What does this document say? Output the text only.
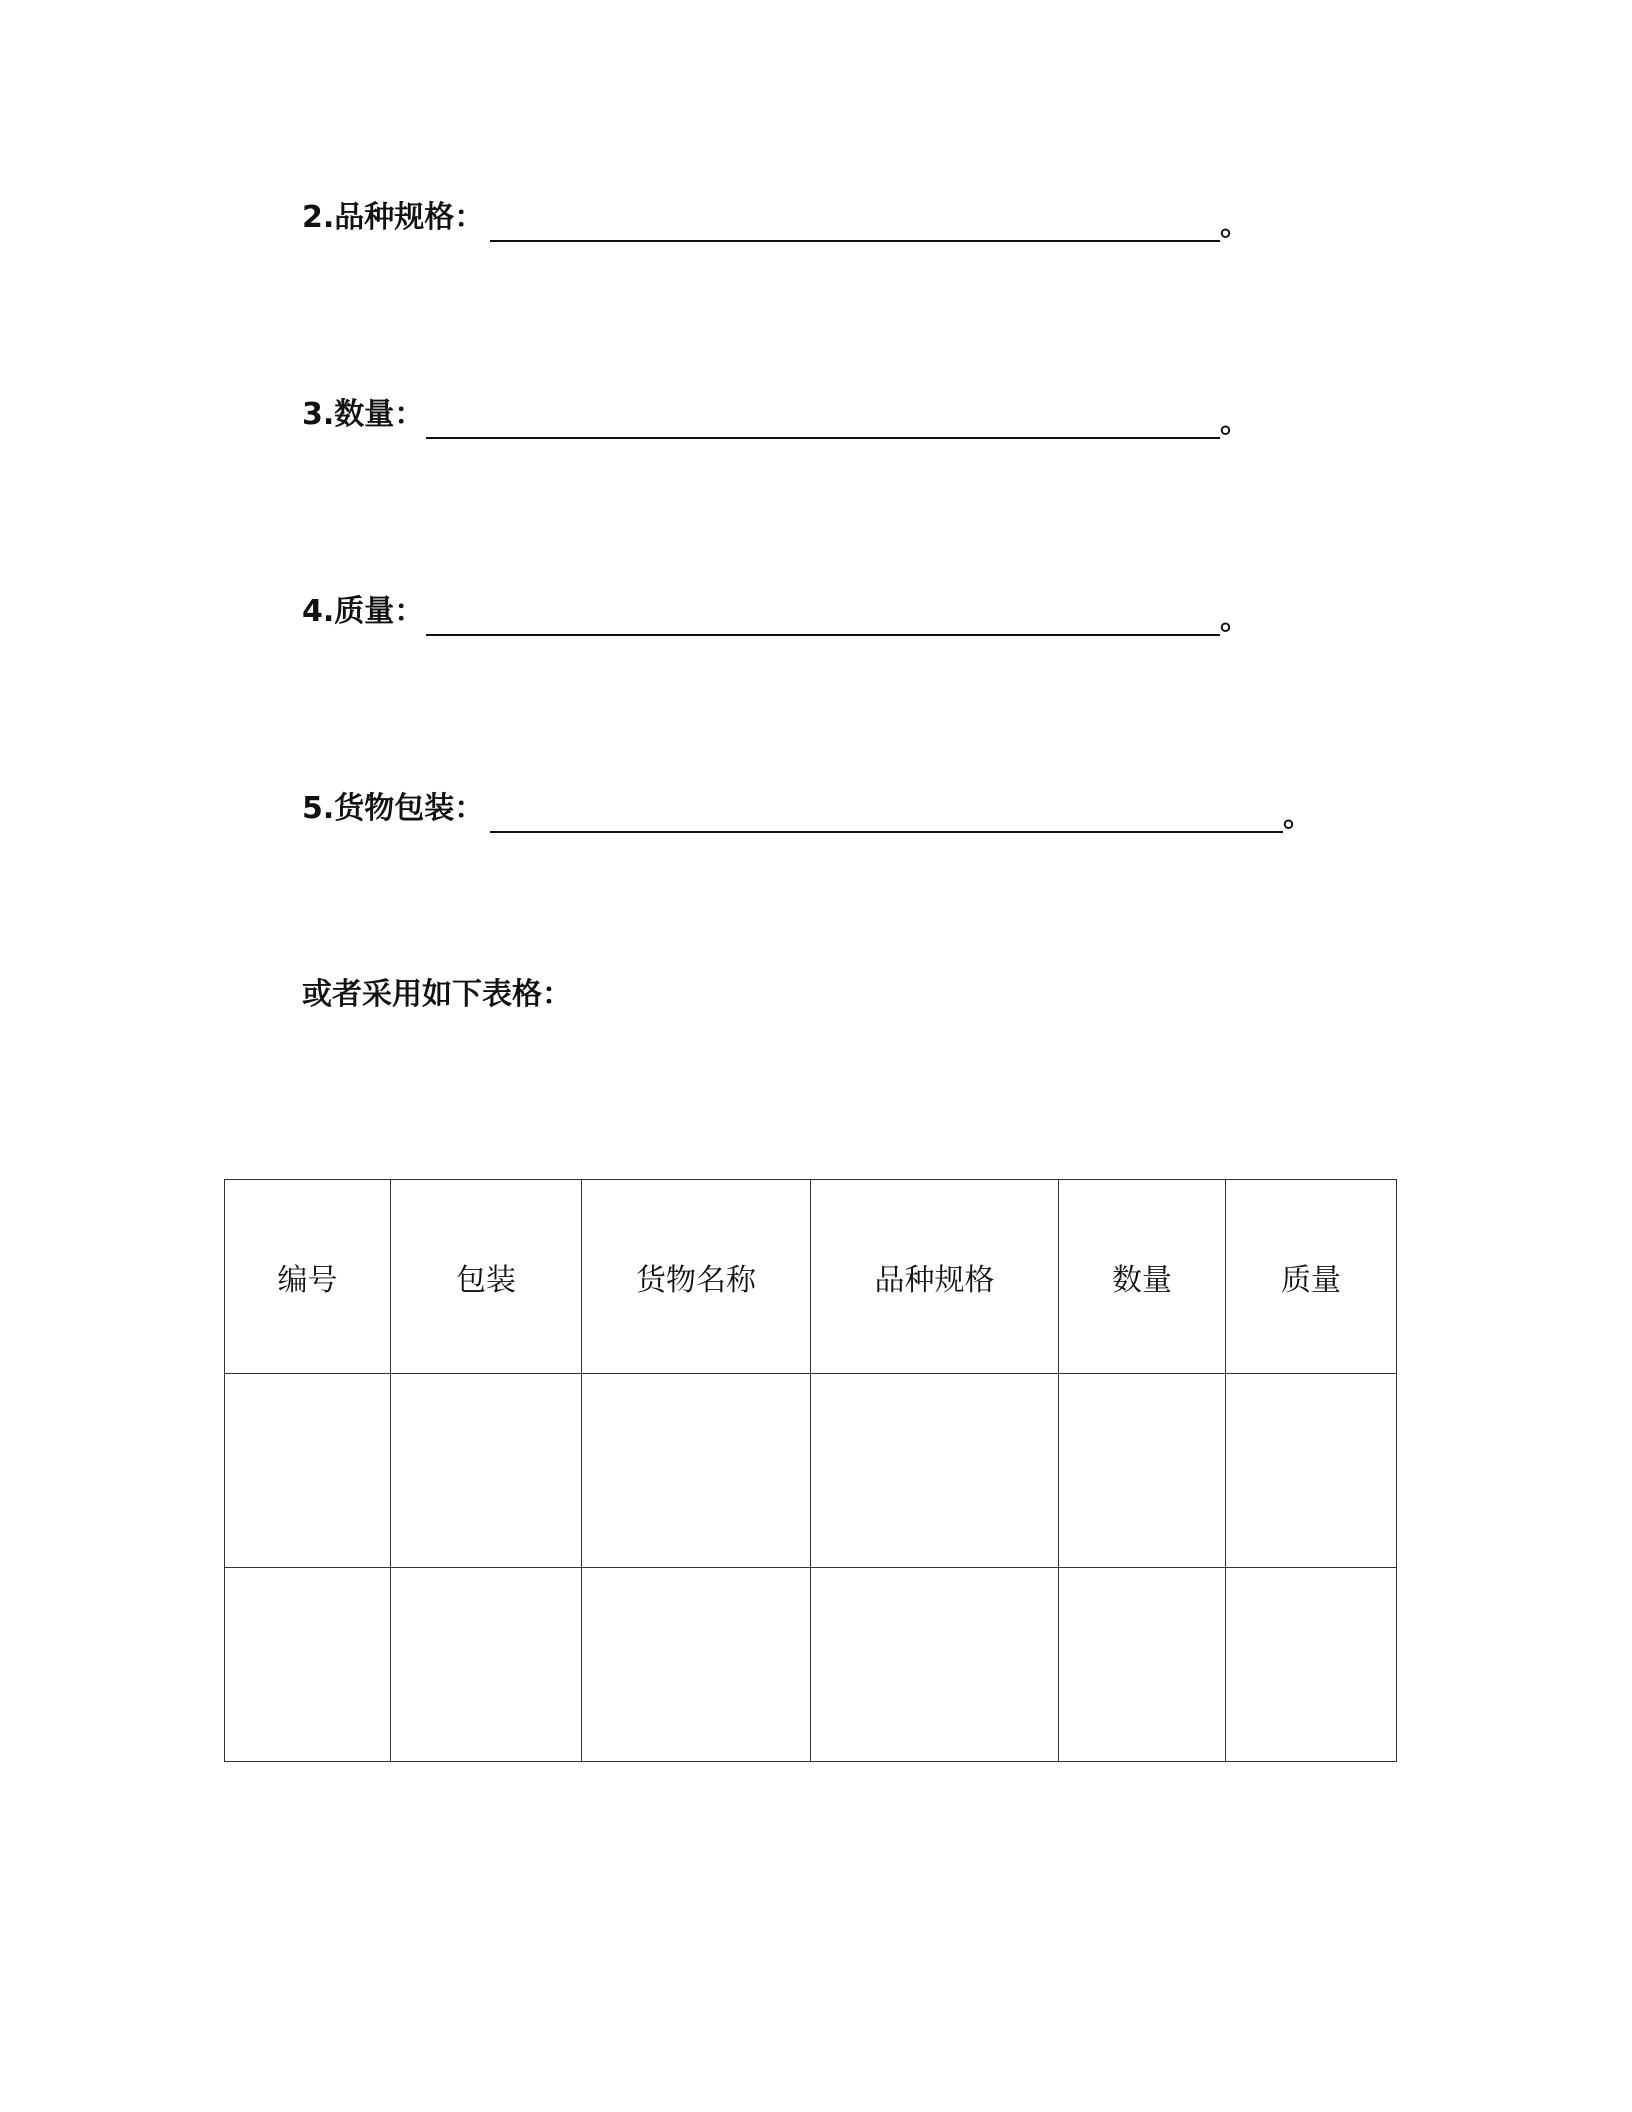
2.品种规格：	。
3.数量：	。
4.质量：	。
5.货物包装：	。
或者采用如下表格：
编号	包装	货物名称	品种规格	数量	质量
